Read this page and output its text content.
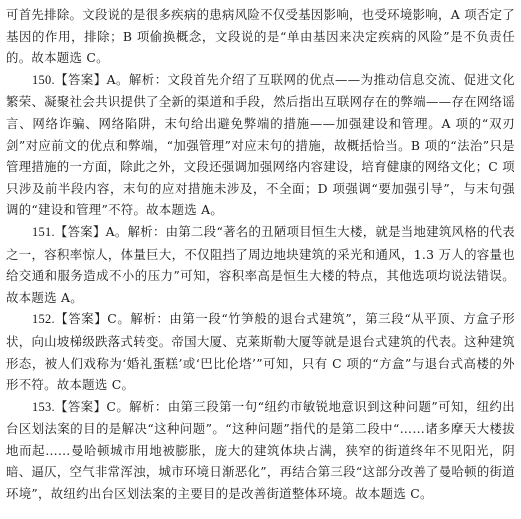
可首先排除。文段说的是很多疾病的患病风险不仅受基因影响，也受环境影响，A 项否定了基因的作用，排除；B 项偷换概念，文段说的是“单由基因来决定疾病的风险”是不负责任的。故本题选 C。

150.【答案】A。解析：文段首先介绍了互联网的优点——为推动信息交流、促进文化繁荣、凝聚社会共识提供了全新的渠道和手段，然后指出互联网存在的弊端——存在网络谣言、网络诈骗、网络陷阱，末句给出避免弊端的措施——加强建设和管理。A 项的“双刃剑”对应前文的优点和弊端，“加强管理”对应末句的措施，故概括恰当。B 项的“法治”只是管理措施的一方面，除此之外，文段还强调加强网络内容建设，培育健康的网络文化；C 项只涉及前半段内容，末句的应对措施未涉及，不全面；D 项强调“要加强引导”，与末句强调的“建设和管理”不符。故本题选 A。

151.【答案】A。解析：由第二段“著名的丑陋项目恒生大楼，就是当地建筑风格的代表之一，容积率惊人，体量巨大，不仅阻挡了周边地块建筑的采光和通风，1.3 万人的容量也给交通和服务造成不小的压力”可知，容积率高是恒生大楼的特点，其他选项均说法错误。故本题选 A。

152.【答案】C。解析：由第一段“竹笋般的退台式建筑”，第三段“从平顶、方盒子形状，向山坡梯级跌落式转变。帝国大厦、克莱斯勒大厦等就是退台式建筑的代表。这种建筑形态，被人们戏称为‘婚礼蛋糕’或‘巴比伦塔’”可知，只有 C 项的“方盒”与退台式高楼的外形不符。故本题选 C。

153.【答案】C。解析：由第三段第一句“纽约市敏锐地意识到这种问题”可知，纽约出台区划法案的目的是解决“这种问题”。“这种问题”指代的是第二段中“……诸多摩天大楼拔地而起……曼哈顿城市用地被膨胀，庞大的建筑体块占满，狭窄的街道终年不见阳光，阴暗、逼仄，空气非常浑浊，城市环境日渐恶化”，再结合第三段“这部分改善了曼哈顿的街道环境”，故纽约出台区划法案的主要目的是改善街道整体环境。故本题选 C。
